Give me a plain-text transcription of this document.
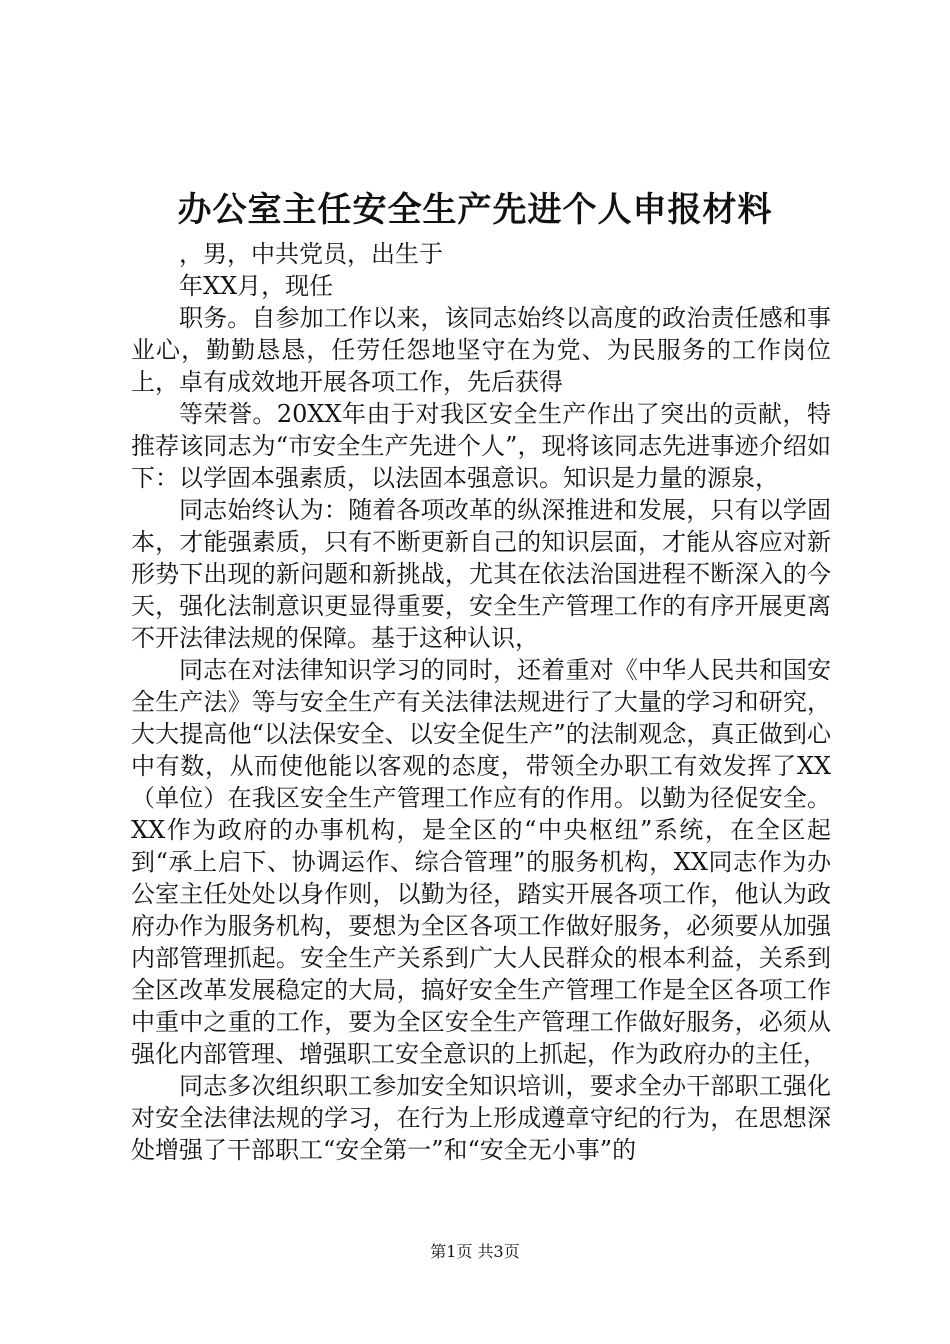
办公室主任安全生产先进个人申报材料

，男，中共党员，出生于

年XX月，现任

职务。自参加工作以来，该同志始终以高度的政治责任感和事业心，勤勤恳恳，任劳任怨地坚守在为党、为民服务的工作岗位上，卓有成效地开展各项工作，先后获得

等荣誉。20XX年由于对我区安全生产作出了突出的贡献，特推荐该同志为“市安全生产先进个人”，现将该同志先进事迹介绍如下：以学固本强素质，以法固本强意识。知识是力量的源泉，

同志始终认为：随着各项改革的纵深推进和发展，只有以学固本，才能强素质，只有不断更新自己的知识层面，才能从容应对新形势下出现的新问题和新挑战，尤其在依法治国进程不断深入的今天，强化法制意识更显得重要，安全生产管理工作的有序开展更离不开法律法规的保障。基于这种认识，

同志在对法律知识学习的同时，还着重对《中华人民共和国安全生产法》等与安全生产有关法律法规进行了大量的学习和研究，大大提高他“以法保安全、以安全促生产”的法制观念，真正做到心中有数，从而使他能以客观的态度，带领全办职工有效发挥了XX（单位）在我区安全生产管理工作应有的作用。以勤为径促安全。XX作为政府的办事机构，是全区的“中央枢纽”系统，在全区起到“承上启下、协调运作、综合管理”的服务机构，XX同志作为办公室主任处处以身作则，以勤为径，踏实开展各项工作，他认为政府办作为服务机构，要想为全区各项工作做好服务，必须要从加强内部管理抓起。安全生产关系到广大人民群众的根本利益，关系到全区改革发展稳定的大局，搞好安全生产管理工作是全区各项工作中重中之重的工作，要为全区安全生产管理工作做好服务，必须从强化内部管理、增强职工安全意识的上抓起，作为政府办的主任，

同志多次组织职工参加安全知识培训，要求全办干部职工强化对安全法律法规的学习，在行为上形成遵章守纪的行为，在思想深处增强了干部职工“安全第一”和“安全无小事”的

第1页 共3页
